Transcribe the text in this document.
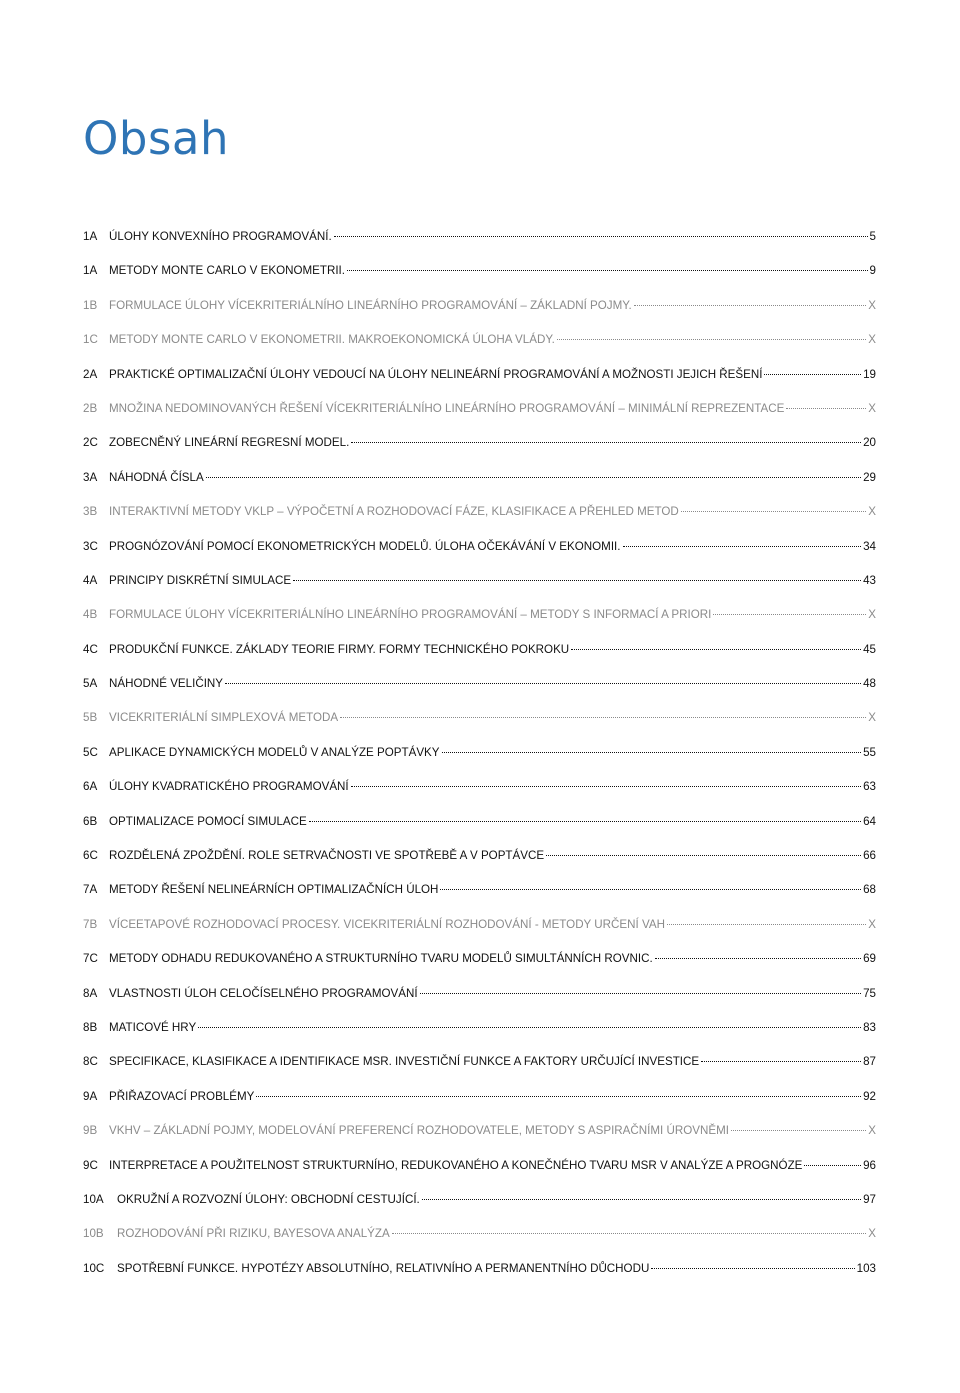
Obsah
1A	ÚLOHY KONVEXNÍHO PROGRAMOVÁNÍ.	5
1A	METODY MONTE CARLO V EKONOMETRII.	9
1B	FORMULACE ÚLOHY VÍCEKRITERIÁLNÍHO LINEÁRNÍHO PROGRAMOVÁNÍ – ZÁKLADNÍ POJMY.	X
1C METODY MONTE CARLO V EKONOMETRII. MAKROEKONOMICKÁ ÚLOHA VLÁDY.	X
2A	PRAKTICKÉ OPTIMALIZAČNÍ ÚLOHY VEDOUCÍ NA ÚLOHY NELINEÁRNÍ PROGRAMOVÁNÍ A MOŽNOSTI JEJICH ŘEŠENÍ	19
2B	MNOŽINA NEDOMINOVANÝCH ŘEŠENÍ VÍCEKRITERIÁLNÍHO LINEÁRNÍHO PROGRAMOVÁNÍ – MINIMÁLNÍ REPREZENTACE	X
2C ZOBECNĚNÝ LINEÁRNÍ REGRESNÍ MODEL.	20
3A	NÁHODNÁ ČÍSLA	29
3B	INTERAKTIVNÍ METODY VKLP – VÝPOČETNÍ A ROZHODOVACÍ FÁZE, KLASIFIKACE A PŘEHLED METOD	X
3C PROGNÓZOVÁNÍ POMOCÍ EKONOMETRICKÝCH MODELŮ. ÚLOHA OČEKÁVÁNÍ V EKONOMII.	34
4A	PRINCIPY DISKRÉTNÍ SIMULACE	43
4B	FORMULACE ÚLOHY VÍCEKRITERIÁLNÍHO LINEÁRNÍHO PROGRAMOVÁNÍ – METODY S INFORMACÍ A PRIORI	X
4C PRODUKČNÍ FUNKCE. ZÁKLADY TEORIE FIRMY. FORMY TECHNICKÉHO POKROKU	45
5A	NÁHODNÉ VELIČINY	48
5B	VICEKRITERIÁLNÍ SIMPLEXOVÁ METODA	X
5C APLIKACE DYNAMICKÝCH MODELŮ V ANALÝZE POPTÁVKY	55
6A	ÚLOHY KVADRATICKÉHO PROGRAMOVÁNÍ	63
6B	OPTIMALIZACE POMOCÍ SIMULACE	64
6C ROZDĚLENÁ ZPOŽDĚNÍ. ROLE SETRVAČNOSTI VE SPOTŘEBĚ A V POPTÁVCE	66
7A	METODY ŘEŠENÍ NELINEÁRNÍCH OPTIMALIZAČNÍCH ÚLOH	68
7B	VÍCEETAPOVÉ ROZHODOVACÍ PROCESY. VICEKRITERIÁLNÍ ROZHODOVÁNÍ - METODY URČENÍ VAH	X
7C METODY ODHADU REDUKOVANÉHO A STRUKTURNÍHO TVARU MODELŮ SIMULTÁNNÍCH ROVNIC.	69
8A	VLASTNOSTI ÚLOH CELOČÍSELNÉHO PROGRAMOVÁNÍ	75
8B	MATICOVÉ HRY	83
8C SPECIFIKACE, KLASIFIKACE A IDENTIFIKACE MSR. INVESTIČNÍ FUNKCE A FAKTORY URČUJÍCÍ INVESTICE	87
9A	PŘIŘAZOVACÍ PROBLÉMY	92
9B	VKHV – ZÁKLADNÍ POJMY, MODELOVÁNÍ PREFERENCÍ ROZHODOVATELE, METODY S ASPIRAČNÍMI ÚROVNĚMI	X
9C INTERPRETACE A POUŽITELNOST STRUKTURNÍHO, REDUKOVANÉHO A KONEČNÉHO TVARU MSR V ANALÝZE A PROGNÓZE	96
10A	OKRUŽNÍ A ROZVOZNÍ ÚLOHY: OBCHODNÍ CESTUJÍCÍ.	97
10B	ROZHODOVÁNÍ PŘI RIZIKU, BAYESOVA ANALÝZA	X
10C	SPOTŘEBNÍ FUNKCE. HYPOTÉZY ABSOLUTNÍHO, RELATIVNÍHO A PERMANENTNÍHO DŮCHODU	103
